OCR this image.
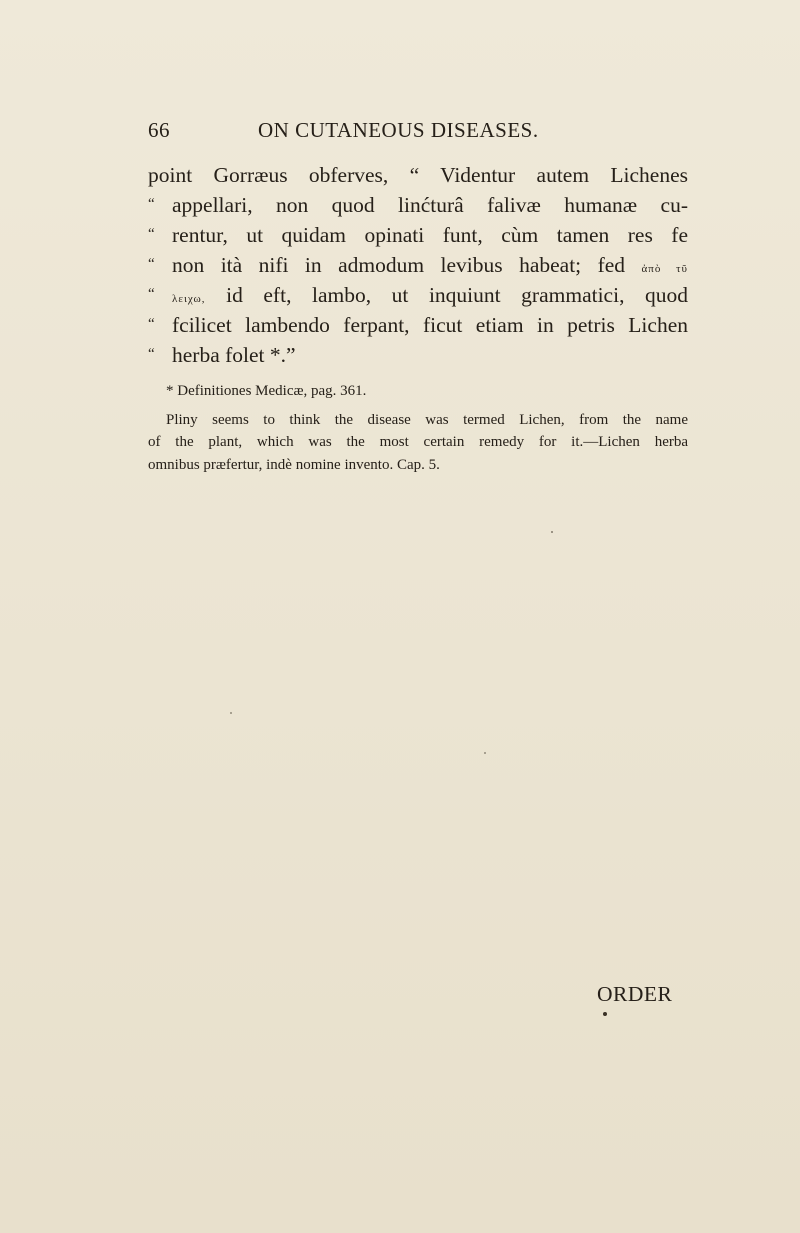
66	ON CUTANEOUS DISEASES.
point Gorræus obferves, “ Videntur autem Lichenes
“ appellari, non quod linćturâ falivæ humanæ cu-
“ rentur, ut quidam opinati funt, cùm tamen res fe
“ non ità nifi in admodum levibus habeat; fed ἀπὸ τῦ
“ λειχω, id eft, lambo, ut inquiunt grammatici, quod
“ fcilicet lambendo ferpant, ficut etiam in petris Lichen
“ herba folet *.”
* Definitiones Medicæ, pag. 361.
Pliny seems to think the disease was termed Lichen, from the name
of the plant, which was the most certain remedy for it.—Lichen herba
omnibus præfertur, indè nomine invento. Cap. 5.
ORDER
